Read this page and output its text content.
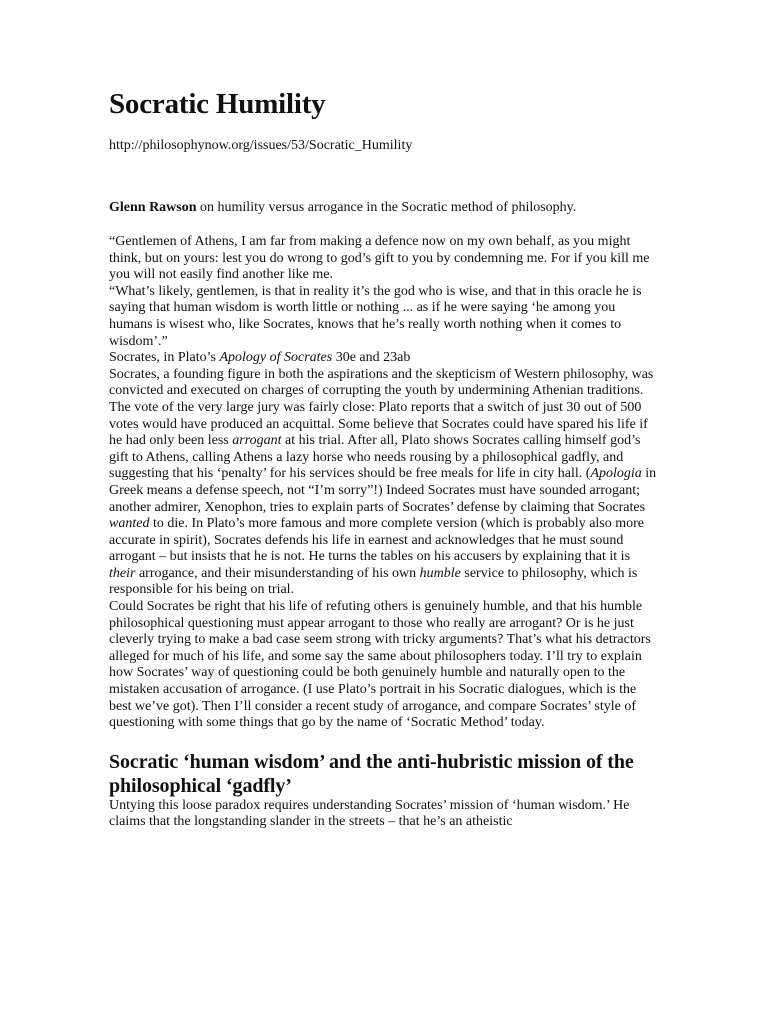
Socratic Humility
http://philosophynow.org/issues/53/Socratic_Humility
Glenn Rawson on humility versus arrogance in the Socratic method of philosophy.

“Gentlemen of Athens, I am far from making a defence now on my own behalf, as you might think, but on yours: lest you do wrong to god’s gift to you by condemning me. For if you kill me you will not easily find another like me.

“What’s likely, gentlemen, is that in reality it’s the god who is wise, and that in this oracle he is saying that human wisdom is worth little or nothing ... as if he were saying ‘he among you humans is wisest who, like Socrates, knows that he’s really worth nothing when it comes to wisdom’.”

Socrates, in Plato’s Apology of Socrates 30e and 23ab

Socrates, a founding figure in both the aspirations and the skepticism of Western philosophy, was convicted and executed on charges of corrupting the youth by undermining Athenian traditions. The vote of the very large jury was fairly close: Plato reports that a switch of just 30 out of 500 votes would have produced an acquittal. Some believe that Socrates could have spared his life if he had only been less arrogant at his trial. After all, Plato shows Socrates calling himself god’s gift to Athens, calling Athens a lazy horse who needs rousing by a philosophical gadfly, and suggesting that his ‘penalty’ for his services should be free meals for life in city hall. (Apologia in Greek means a defense speech, not “I’m sorry”!) Indeed Socrates must have sounded arrogant; another admirer, Xenophon, tries to explain parts of Socrates’ defense by claiming that Socrates wanted to die. In Plato’s more famous and more complete version (which is probably also more accurate in spirit), Socrates defends his life in earnest and acknowledges that he must sound arrogant – but insists that he is not. He turns the tables on his accusers by explaining that it is their arrogance, and their misunderstanding of his own humble service to philosophy, which is responsible for his being on trial.

Could Socrates be right that his life of refuting others is genuinely humble, and that his humble philosophical questioning must appear arrogant to those who really are arrogant? Or is he just cleverly trying to make a bad case seem strong with tricky arguments? That’s what his detractors alleged for much of his life, and some say the same about philosophers today. I’ll try to explain how Socrates’ way of questioning could be both genuinely humble and naturally open to the mistaken accusation of arrogance. (I use Plato’s portrait in his Socratic dialogues, which is the best we’ve got). Then I’ll consider a recent study of arrogance, and compare Socrates’ style of questioning with some things that go by the name of ‘Socratic Method’ today.

Socratic ‘human wisdom’ and the anti-hubristic mission of the philosophical ‘gadfly’

Untying this loose paradox requires understanding Socrates’ mission of ‘human wisdom.’ He claims that the longstanding slander in the streets – that he’s an atheistic
